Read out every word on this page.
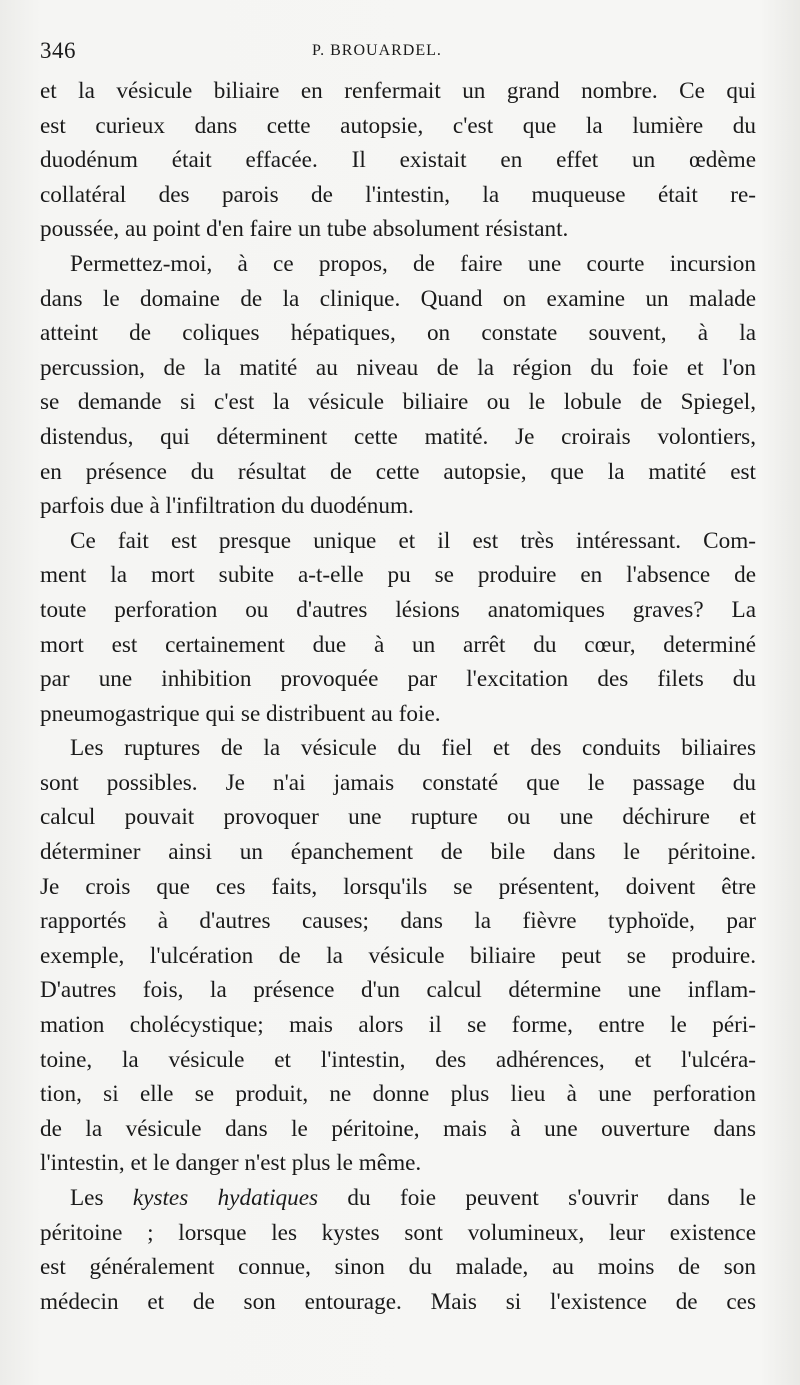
346	P. BROUARDEL.
et la vésicule biliaire en renfermait un grand nombre. Ce qui
est curieux dans cette autopsie, c'est que la lumière du
duodénum était effacée. Il existait en effet un œdème
collatéral des parois de l'intestin, la muqueuse était re-
poussée, au point d'en faire un tube absolument résistant.
Permettez-moi, à ce propos, de faire une courte incursion
dans le domaine de la clinique. Quand on examine un malade
atteint de coliques hépatiques, on constate souvent, à la
percussion, de la matité au niveau de la région du foie et l'on
se demande si c'est la vésicule biliaire ou le lobule de Spiegel,
distendus, qui déterminent cette matité. Je croirais volontiers,
en présence du résultat de cette autopsie, que la matité est
parfois due à l'infiltration du duodénum.
Ce fait est presque unique et il est très intéressant. Com-
ment la mort subite a-t-elle pu se produire en l'absence de
toute perforation ou d'autres lésions anatomiques graves? La
mort est certainement due à un arrêt du cœur, determiné
par une inhibition provoquée par l'excitation des filets du
pneumogastrique qui se distribuent au foie.
Les ruptures de la vésicule du fiel et des conduits biliaires
sont possibles. Je n'ai jamais constaté que le passage du
calcul pouvait provoquer une rupture ou une déchirure et
déterminer ainsi un épanchement de bile dans le péritoine.
Je crois que ces faits, lorsqu'ils se présentent, doivent être
rapportés à d'autres causes; dans la fièvre typhoïde, par
exemple, l'ulcération de la vésicule biliaire peut se produire.
D'autres fois, la présence d'un calcul détermine une inflam-
mation cholécystique; mais alors il se forme, entre le péri-
toine, la vésicule et l'intestin, des adhérences, et l'ulcéra-
tion, si elle se produit, ne donne plus lieu à une perforation
de la vésicule dans le péritoine, mais à une ouverture dans
l'intestin, et le danger n'est plus le même.
Les kystes hydatiques du foie peuvent s'ouvrir dans le
péritoine ; lorsque les kystes sont volumineux, leur existence
est généralement connue, sinon du malade, au moins de son
médecin et de son entourage. Mais si l'existence de ces
